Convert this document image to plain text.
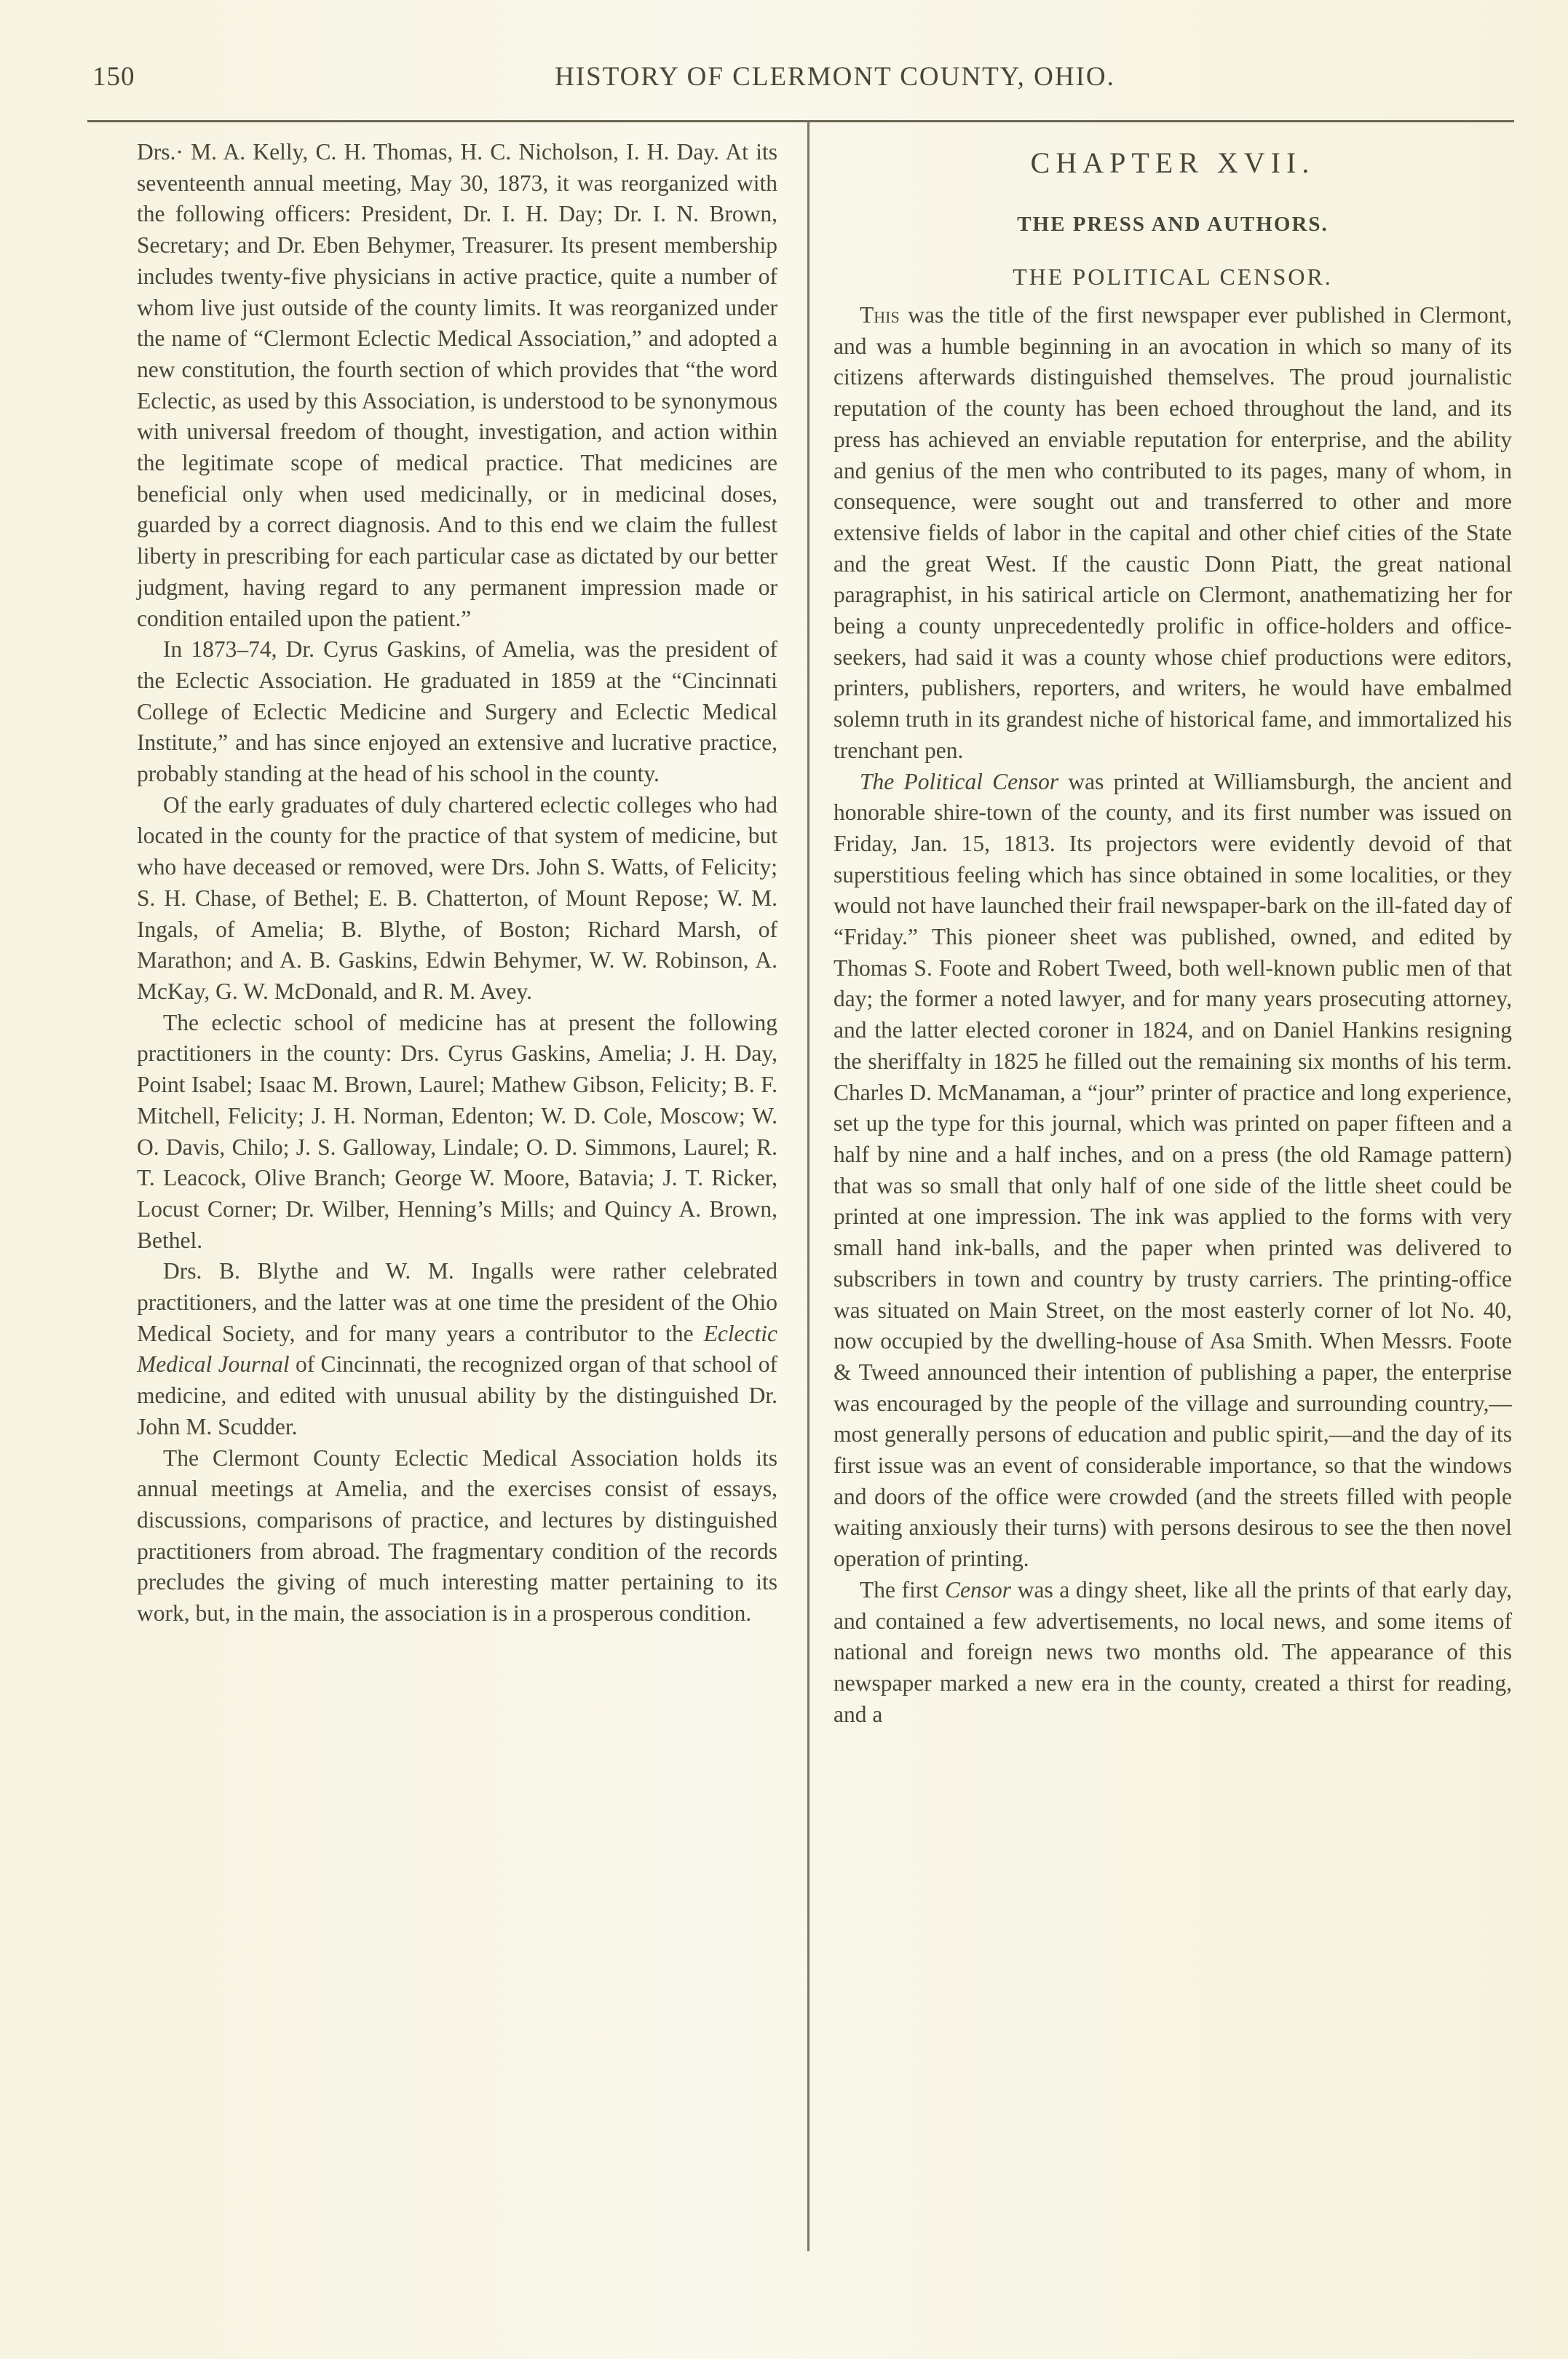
150	HISTORY OF CLERMONT COUNTY, OHIO.

Drs.· M. A. Kelly, C. H. Thomas, H. C. Nicholson, I. H. Day. At its seventeenth annual meeting, May 30, 1873, it was reorganized with the following officers: President, Dr. I. H. Day; Dr. I. N. Brown, Secretary; and Dr. Eben Behymer, Treasurer. Its present membership includes twenty-five physicians in active practice, quite a number of whom live just outside of the county limits. It was reorganized under the name of “Clermont Eclectic Medical Association,” and adopted a new constitution, the fourth section of which provides that “the word Eclectic, as used by this Association, is understood to be synonymous with universal freedom of thought, investigation, and action within the legitimate scope of medical practice. That medicines are beneficial only when used medicinally, or in medicinal doses, guarded by a correct diagnosis. And to this end we claim the fullest liberty in prescribing for each particular case as dictated by our better judgment, having regard to any permanent impression made or condition entailed upon the patient.”

In 1873–74, Dr. Cyrus Gaskins, of Amelia, was the president of the Eclectic Association. He graduated in 1859 at the “Cincinnati College of Eclectic Medicine and Surgery and Eclectic Medical Institute,” and has since enjoyed an extensive and lucrative practice, probably standing at the head of his school in the county.

Of the early graduates of duly chartered eclectic colleges who had located in the county for the practice of that system of medicine, but who have deceased or removed, were Drs. John S. Watts, of Felicity; S. H. Chase, of Bethel; E. B. Chatterton, of Mount Repose; W. M. Ingals, of Amelia; B. Blythe, of Boston; Richard Marsh, of Marathon; and A. B. Gaskins, Edwin Behymer, W. W. Robinson, A. McKay, G. W. McDonald, and R. M. Avey.

The eclectic school of medicine has at present the following practitioners in the county: Drs. Cyrus Gaskins, Amelia; J. H. Day, Point Isabel; Isaac M. Brown, Laurel; Mathew Gibson, Felicity; B. F. Mitchell, Felicity; J. H. Norman, Edenton; W. D. Cole, Moscow; W. O. Davis, Chilo; J. S. Galloway, Lindale; O. D. Simmons, Laurel; R. T. Leacock, Olive Branch; George W. Moore, Batavia; J. T. Ricker, Locust Corner; Dr. Wilber, Henning’s Mills; and Quincy A. Brown, Bethel.

Drs. B. Blythe and W. M. Ingalls were rather celebrated practitioners, and the latter was at one time the president of the Ohio Medical Society, and for many years a contributor to the Eclectic Medical Journal of Cincinnati, the recognized organ of that school of medicine, and edited with unusual ability by the distinguished Dr. John M. Scudder.

The Clermont County Eclectic Medical Association holds its annual meetings at Amelia, and the exercises consist of essays, discussions, comparisons of practice, and lectures by distinguished practitioners from abroad. The fragmentary condition of the records precludes the giving of much interesting matter pertaining to its work, but, in the main, the association is in a prosperous condition.

CHAPTER XVII.
THE PRESS AND AUTHORS.
THE POLITICAL CENSOR.

This was the title of the first newspaper ever published in Clermont, and was a humble beginning in an avocation in which so many of its citizens afterwards distinguished themselves. The proud journalistic reputation of the county has been echoed throughout the land, and its press has achieved an enviable reputation for enterprise, and the ability and genius of the men who contributed to its pages, many of whom, in consequence, were sought out and transferred to other and more extensive fields of labor in the capital and other chief cities of the State and the great West. If the caustic Donn Piatt, the great national paragraphist, in his satirical article on Clermont, anathematizing her for being a county unprecedentedly prolific in office-holders and office-seekers, had said it was a county whose chief productions were editors, printers, publishers, reporters, and writers, he would have embalmed solemn truth in its grandest niche of historical fame, and immortalized his trenchant pen.

The Political Censor was printed at Williamsburgh, the ancient and honorable shire-town of the county, and its first number was issued on Friday, Jan. 15, 1813. Its projectors were evidently devoid of that superstitious feeling which has since obtained in some localities, or they would not have launched their frail newspaper-bark on the ill-fated day of “Friday.” This pioneer sheet was published, owned, and edited by Thomas S. Foote and Robert Tweed, both well-known public men of that day; the former a noted lawyer, and for many years prosecuting attorney, and the latter elected coroner in 1824, and on Daniel Hankins resigning the sheriffalty in 1825 he filled out the remaining six months of his term. Charles D. McManaman, a “jour” printer of practice and long experience, set up the type for this journal, which was printed on paper fifteen and a half by nine and a half inches, and on a press (the old Ramage pattern) that was so small that only half of one side of the little sheet could be printed at one impression. The ink was applied to the forms with very small hand ink-balls, and the paper when printed was delivered to subscribers in town and country by trusty carriers. The printing-office was situated on Main Street, on the most easterly corner of lot No. 40, now occupied by the dwelling-house of Asa Smith. When Messrs. Foote & Tweed announced their intention of publishing a paper, the enterprise was encouraged by the people of the village and surrounding country,—most generally persons of education and public spirit,—and the day of its first issue was an event of considerable importance, so that the windows and doors of the office were crowded (and the streets filled with people waiting anxiously their turns) with persons desirous to see the then novel operation of printing.

The first Censor was a dingy sheet, like all the prints of that early day, and contained a few advertisements, no local news, and some items of national and foreign news two months old. The appearance of this newspaper marked a new era in the county, created a thirst for reading, and a
